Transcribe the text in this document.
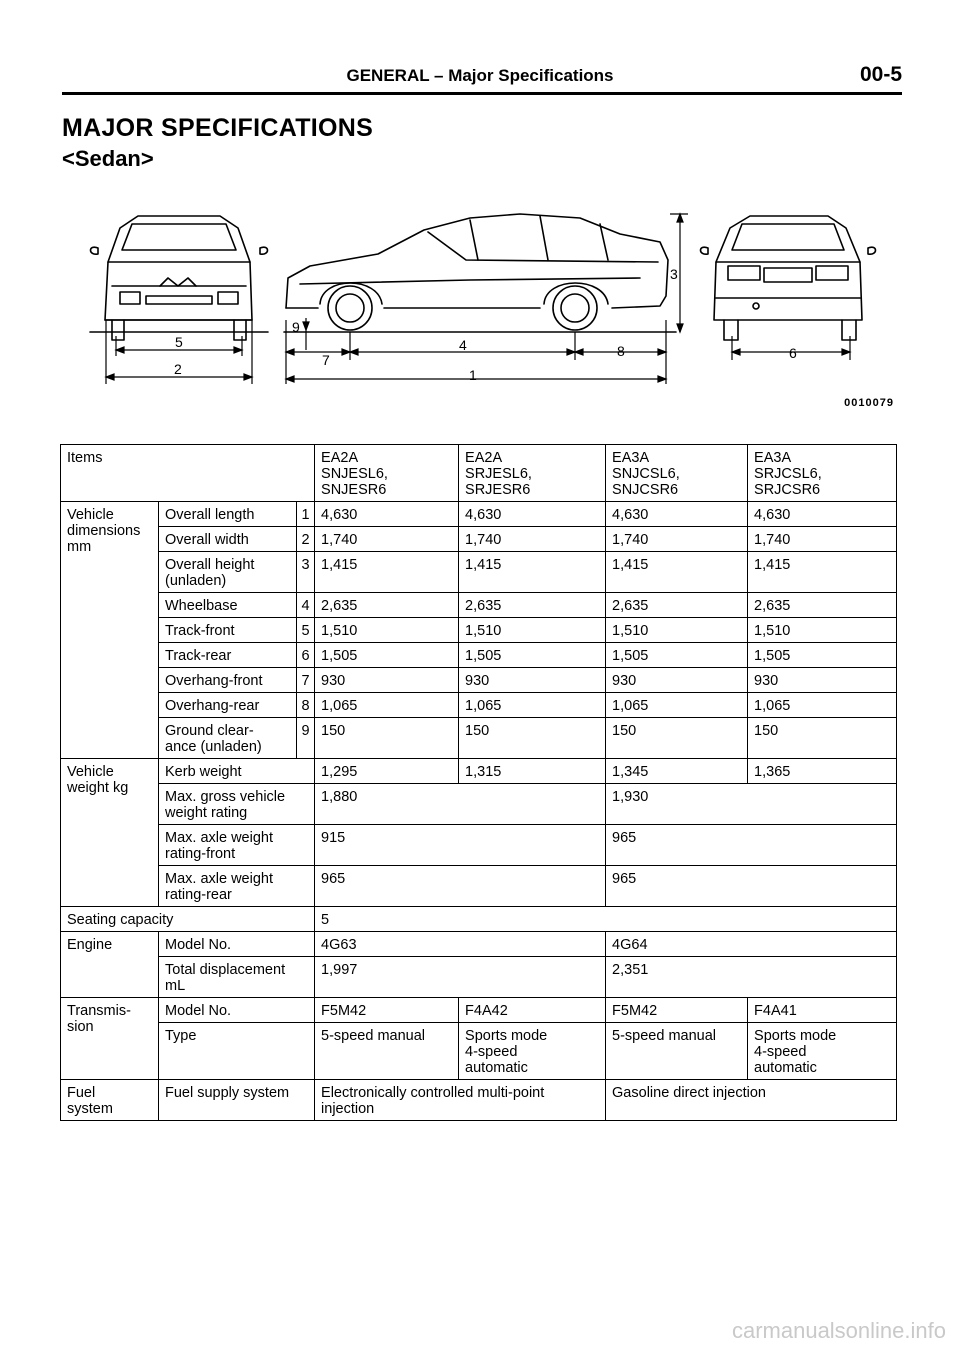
GENERAL – Major Specifications	00-5
MAJOR SPECIFICATIONS
<Sedan>
5
2
9
7
4	8
1
3
6
0010079
Items			EA2A
SNJESL6,
SNJESR6	EA2A
SRJESL6,
SRJESR6	EA3A
SNJCSL6,
SNJCSR6	EA3A
SRJCSL6,
SRJCSR6
Vehicle
dimensions
mm	Overall length	1	4,630	4,630	4,630	4,630
	Overall width	2	1,740	1,740	1,740	1,740
	Overall height
(unladen)	3	1,415	1,415	1,415	1,415
	Wheelbase	4	2,635	2,635	2,635	2,635
	Track-front	5	1,510	1,510	1,510	1,510
	Track-rear	6	1,505	1,505	1,505	1,505
	Overhang-front	7	930	930	930	930
	Overhang-rear	8	1,065	1,065	1,065	1,065
	Ground clear-
ance (unladen)	9	150	150	150	150
Vehicle
weight kg	Kerb weight		1,295	1,315	1,345	1,365
	Max. gross vehicle
weight rating		1,880		1,930	
	Max. axle weight
rating-front		915		965	
	Max. axle weight
rating-rear		965		965	
Seating capacity			5			
Engine	Model No.		4G63		4G64	
	Total displacement
mL		1,997		2,351	
Transmis-
sion	Model No.		F5M42	F4A42	F5M42	F4A41
	Type		5-speed manual	Sports mode
4-speed
automatic	5-speed manual	Sports mode
4-speed
automatic
Fuel
system	Fuel supply system		Electronically controlled multi-point
injection		Gasoline direct injection	
carmanualsonline.info
